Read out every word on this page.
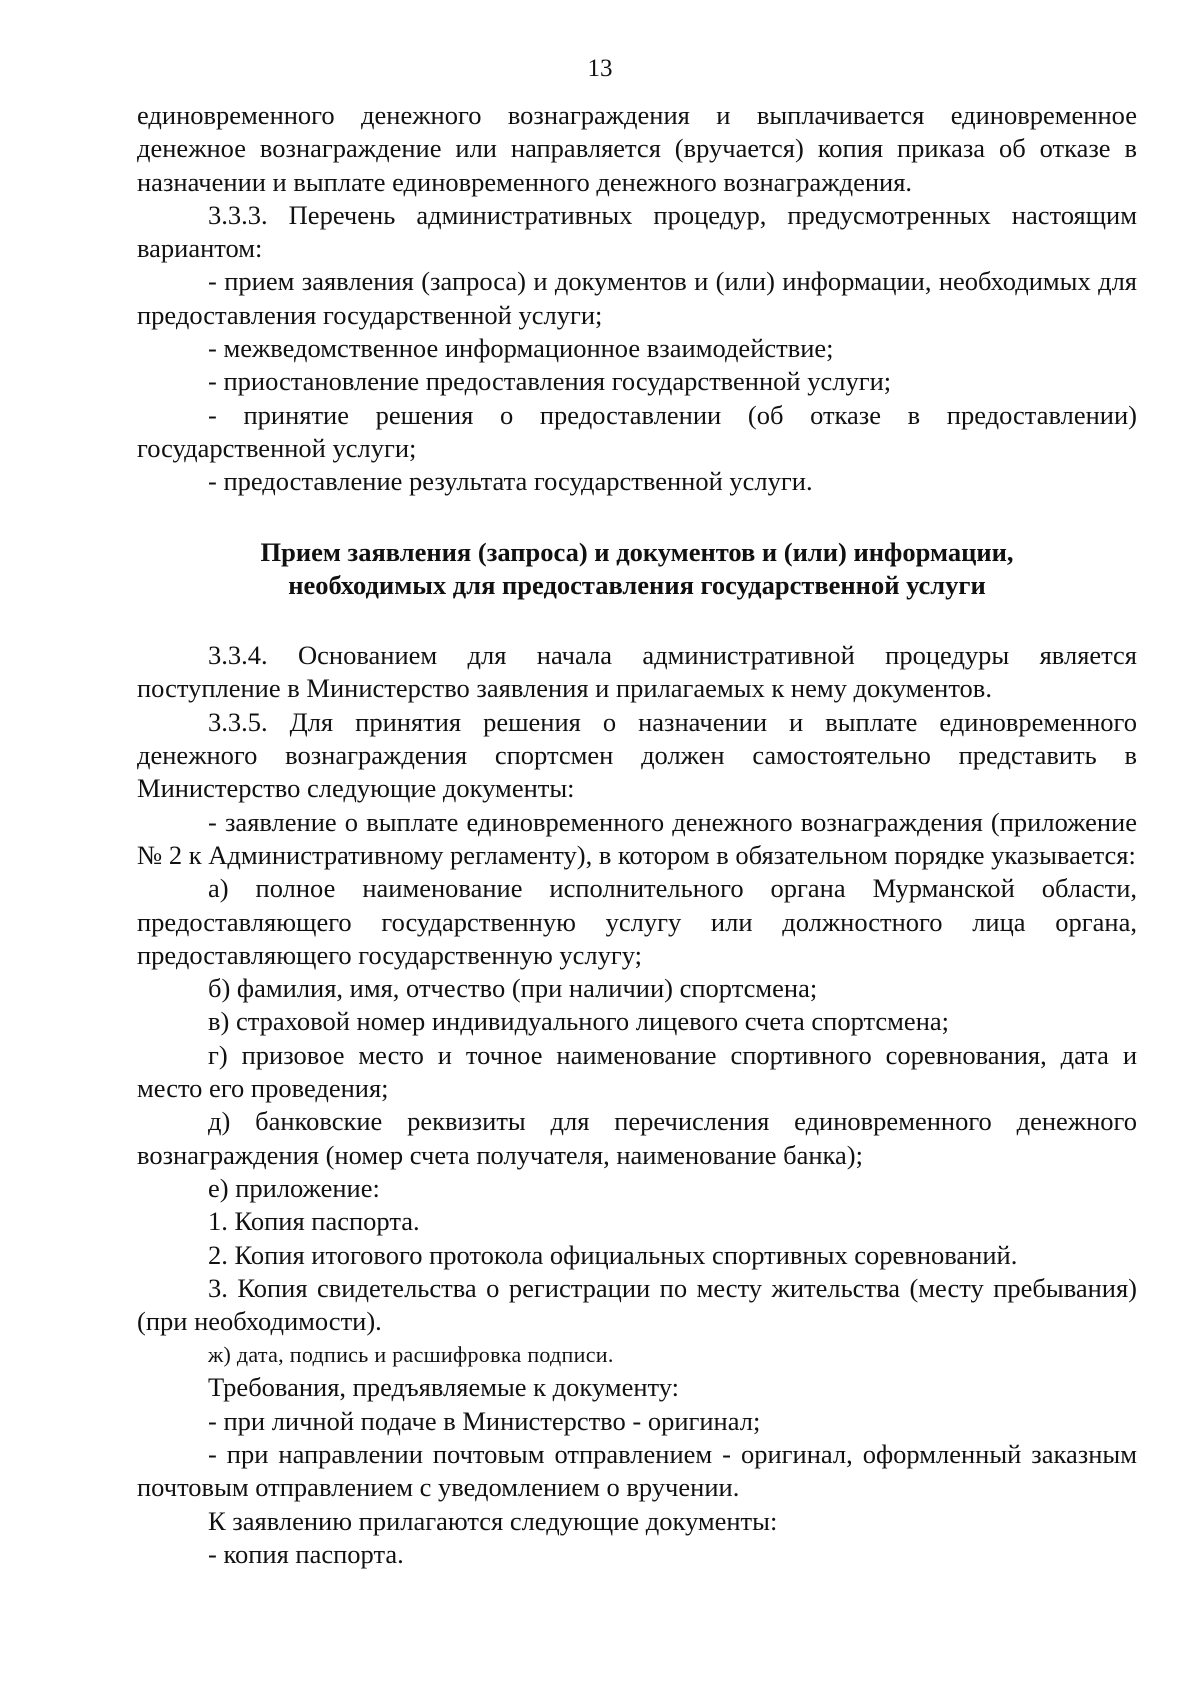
13

единовременного денежного вознаграждения и выплачивается единовременное денежное вознаграждение или направляется (вручается) копия приказа об отказе в назначении и выплате единовременного денежного вознаграждения.

3.3.3. Перечень административных процедур, предусмотренных настоящим вариантом:

- прием заявления (запроса) и документов и (или) информации, необходимых для предоставления государственной услуги;

- межведомственное информационное взаимодействие;

- приостановление предоставления государственной услуги;

- принятие решения о предоставлении (об отказе в предоставлении) государственной услуги;

- предоставление результата государственной услуги.

Прием заявления (запроса) и документов и (или) информации,

необходимых для предоставления государственной услуги

3.3.4. Основанием для начала административной процедуры является поступление в Министерство заявления и прилагаемых к нему документов.

3.3.5. Для принятия решения о назначении и выплате единовременного денежного вознаграждения спортсмен должен самостоятельно представить в Министерство следующие документы:

- заявление о выплате единовременного денежного вознаграждения (приложение № 2 к Административному регламенту), в котором в обязательном порядке указывается:

а) полное наименование исполнительного органа Мурманской области, предоставляющего государственную услугу или должностного лица органа, предоставляющего государственную услугу;

б) фамилия, имя, отчество (при наличии) спортсмена;

в) страховой номер индивидуального лицевого счета спортсмена;

г) призовое место и точное наименование спортивного соревнования, дата и место его проведения;

д) банковские реквизиты для перечисления единовременного денежного вознаграждения (номер счета получателя, наименование банка);

е) приложение:

1. Копия паспорта.

2. Копия итогового протокола официальных спортивных соревнований.

3. Копия свидетельства о регистрации по месту жительства (месту пребывания) (при необходимости).

ж) дата, подпись и расшифровка подписи.

Требования, предъявляемые к документу:

- при личной подаче в Министерство - оригинал;

- при направлении почтовым отправлением - оригинал, оформленный заказным почтовым отправлением с уведомлением о вручении.

К заявлению прилагаются следующие документы:

- копия паспорта.
